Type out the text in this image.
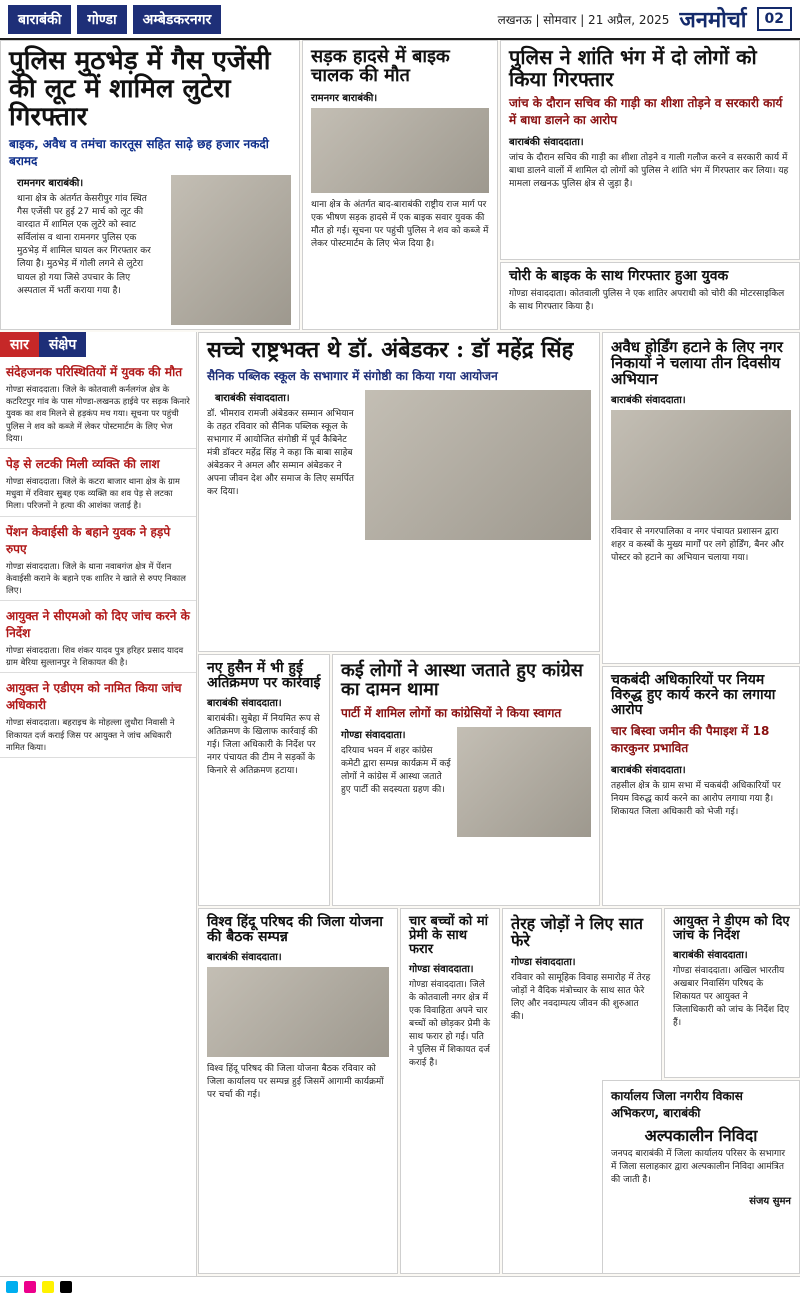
बाराबंकी	गोण्डा	अम्बेडकरनगर	लखनऊ | सोमवार | 21 अप्रैल, 2025 जनमोर्चा	02
पुलिस मुठभेड़ में गैस एजेंसी की लूट में शामिल लुटेरा गिरफ्तार
बाइक, अवैध व तमंचा कारतूस सहित साढ़े छह हजार नकदी बरामद
रामनगर बाराबंकी।
थाना क्षेत्र के अंतर्गत केसरीपुर गांव स्थित गैस एजेंसी पर हुई 27 मार्च को लूट की वारदात में शामिल एक लुटेरे को स्वाट सर्विलांस व थाना रामनगर पुलिस एक मुठभेड़ में शामिल घायल कर गिरफ्तार कर लिया है। मुठभेड़ में गोली लगने से लुटेरा घायल हो गया जिसे उपचार के लिए अस्पताल में भर्ती कराया गया है।
सड़क हादसे में बाइक चालक की मौत
रामनगर बाराबंकी।
थाना क्षेत्र के अंतर्गत बाद-बाराबंकी राष्ट्रीय राज मार्ग पर एक भीषण सड़क हादसे में एक बाइक सवार युवक की मौत हो गई। सूचना पर पहुंची पुलिस ने शव को कब्जे में लेकर पोस्टमार्टम के लिए भेज दिया है।
पुलिस ने शांति भंग में दो लोगों को किया गिरफ्तार
जांच के दौरान सचिव की गाड़ी का शीशा तोड़ने व सरकारी कार्य में बाधा डालने का आरोप
बाराबंकी संवाददाता।
जांच के दौरान सचिव की गाड़ी का शीशा तोड़ने व गाली गलौज करने व सरकारी कार्य में बाधा डालने वालों में शामिल दो लोगों को पुलिस ने शांति भंग में गिरफ्तार कर लिया। यह मामला लखनऊ पुलिस क्षेत्र से जुड़ा है।
चोरी के बाइक के साथ गिरफ्तार हुआ युवक
गोण्डा संवाददाता। कोतवाली पुलिस ने एक शातिर अपराधी को चोरी की मोटरसाइकिल के साथ गिरफ्तार किया है।
सार	संक्षेप
संदेहजनक परिस्थितियों में युवक की मौत

गोण्डा संवाददाता। जिले के कोतवाली कर्नलगंज क्षेत्र के कटरिटपुर गांव के पास गोण्डा-लखनऊ हाईवे पर सड़क किनारे युवक का शव मिलने से हड़कंप मच गया। सूचना पर पहुंची पुलिस ने शव को कब्जे में लेकर पोस्टमार्टम के लिए भेज दिया।

पेड़ से लटकी मिली व्यक्ति की लाश

गोण्डा संवाददाता। जिले के कटरा बाजार थाना क्षेत्र के ग्राम मधुवा में रविवार सुबह एक व्यक्ति का शव पेड़ से लटका मिला। परिजनों ने हत्या की आशंका जताई है।

पेंशन केवाईसी के बहाने युवक ने हड़पे रुपए

गोण्डा संवाददाता। जिले के थाना नवाबगंज क्षेत्र में पेंशन केवाईसी कराने के बहाने एक शातिर ने खाते से रुपए निकाल लिए।

आयुक्त ने सीएमओ को दिए जांच करने के निर्देश

गोण्डा संवाददाता। शिव शंकर यादव पुत्र हरिहर प्रसाद यादव ग्राम बेरिया सुल्तानपुर ने शिकायत की है।

आयुक्त ने एडीएम को नामित किया जांच अधिकारी

गोण्डा संवाददाता। बहराइच के मोहल्ला लुधौरा निवासी ने शिकायत दर्ज कराई जिस पर आयुक्त ने जांच अधिकारी नामित किया।

सच्चे राष्ट्रभक्त थे डॉ. अंबेडकर : डॉ महेंद्र सिंह
सैनिक पब्लिक स्कूल के सभागार में संगोष्ठी का किया गया आयोजन
बाराबंकी संवाददाता।
डॉ. भीमराव रामजी अंबेडकर सम्मान अभियान के तहत रविवार को सैनिक पब्लिक स्कूल के सभागार में आयोजित संगोष्ठी में पूर्व कैबिनेट मंत्री डॉक्टर महेंद्र सिंह ने कहा कि बाबा साहेब अंबेडकर ने अमल और सम्मान अंबेडकर ने अपना जीवन देश और समाज के लिए समर्पित कर दिया।
अवैध होर्डिंग हटाने के लिए नगर निकायों ने चलाया तीन दिवसीय अभियान
बाराबंकी संवाददाता।
रविवार से नगरपालिका व नगर पंचायत प्रशासन द्वारा शहर व कस्बों के मुख्य मार्गों पर लगे होर्डिंग, बैनर और पोस्टर को हटाने का अभियान चलाया गया।
नए हुसैन में भी हुई अतिक्रमण पर कार्रवाई
बाराबंकी संवाददाता।
बाराबंकी। सुबेहा में नियमित रूप से अतिक्रमण के खिलाफ कार्रवाई की गई। जिला अधिकारी के निर्देश पर नगर पंचायत की टीम ने सड़कों के किनारे से अतिक्रमण हटाया।
कई लोगों ने आस्था जताते हुए कांग्रेस का दामन थामा
पार्टी में शामिल लोगों का कांग्रेसियों ने किया स्वागत
गोण्डा संवाददाता।
दरियाव भवन में शहर कांग्रेस कमेटी द्वारा सम्पन्न कार्यक्रम में कई लोगों ने कांग्रेस में आस्था जताते हुए पार्टी की सदस्यता ग्रहण की।
चकबंदी अधिकारियों पर नियम विरुद्ध हुए कार्य करने का लगाया आरोप
चार बिस्वा जमीन की पैमाइश में 18 कारकुनर प्रभावित
बाराबंकी संवाददाता।
तहसील क्षेत्र के ग्राम सभा में चकबंदी अधिकारियों पर नियम विरुद्ध कार्य करने का आरोप लगाया गया है। शिकायत जिला अधिकारी को भेजी गई।
विश्व हिंदू परिषद की जिला योजना की बैठक सम्पन्न
बाराबंकी संवाददाता।
विश्व हिंदू परिषद की जिला योजना बैठक रविवार को जिला कार्यालय पर सम्पन्न हुई जिसमें आगामी कार्यक्रमों पर चर्चा की गई।
चार बच्चों को मां प्रेमी के साथ फरार
गोण्डा संवाददाता।
गोण्डा संवाददाता। जिले के कोतवाली नगर क्षेत्र में एक विवाहिता अपने चार बच्चों को छोड़कर प्रेमी के साथ फरार हो गई। पति ने पुलिस में शिकायत दर्ज कराई है।
तेरह जोड़ों ने लिए सात फेरे
गोण्डा संवाददाता।
रविवार को सामूहिक विवाह समारोह में तेरह जोड़ों ने वैदिक मंत्रोच्चार के साथ सात फेरे लिए और नवदाम्पत्य जीवन की शुरुआत की।
आयुक्त ने डीएम को दिए जांच के निर्देश
बाराबंकी संवाददाता।
गोण्डा संवाददाता। अखिल भारतीय अखबार निवासिंग परिषद के शिकायत पर आयुक्त ने जिलाधिकारी को जांच के निर्देश दिए हैं।
कार्यालय जिला नगरीय विकास अभिकरण, बाराबंकी
अल्पकालीन निविदा
जनपद बाराबंकी में जिला कार्यालय परिसर के सभागार में जिला सलाहकार द्वारा अल्पकालीन निविदा आमंत्रित की जाती है।
संजय सुमन
